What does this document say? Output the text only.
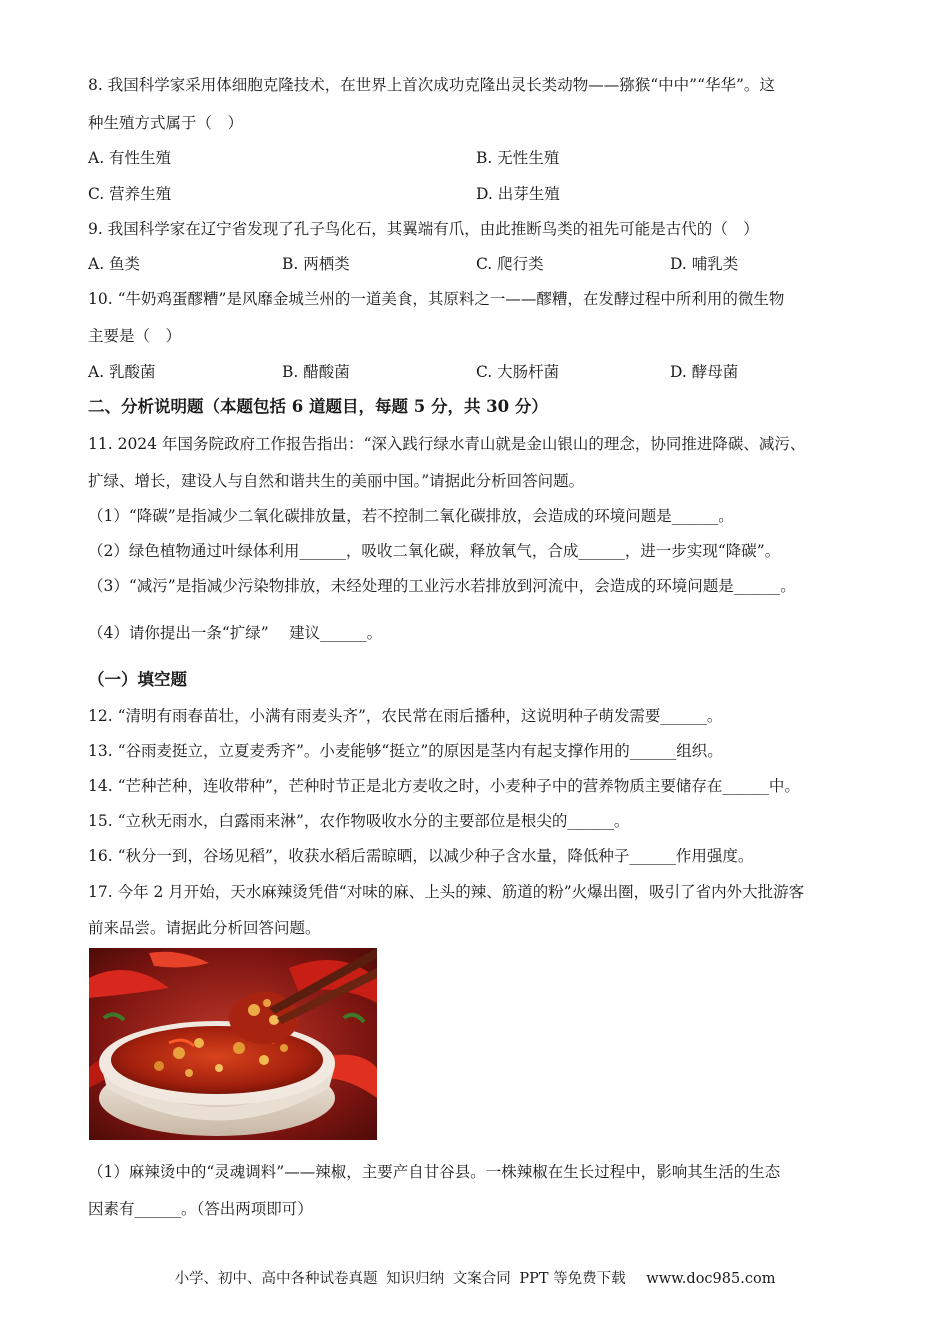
8. 我国科学家采用体细胞克隆技术，在世界上首次成功克隆出灵长类动物——猕猴“中中”“华华”。这
种生殖方式属于（　）
A. 有性生殖	B. 无性生殖
C. 营养生殖	D. 出芽生殖
9. 我国科学家在辽宁省发现了孔子鸟化石，其翼端有爪，由此推断鸟类的祖先可能是古代的（　）
A. 鱼类	B. 两栖类	C. 爬行类	D. 哺乳类
10. “牛奶鸡蛋醪糟”是风靡金城兰州的一道美食，其原料之一——醪糟，在发酵过程中所利用的微生物
主要是（　）
A. 乳酸菌	B. 醋酸菌	C. 大肠杆菌	D. 酵母菌
二、分析说明题（本题包括 6 道题目，每题 5 分，共 30 分）
11. 2024 年国务院政府工作报告指出：“深入践行绿水青山就是金山银山的理念，协同推进降碳、减污、
扩绿、增长，建设人与自然和谐共生的美丽中国。”请据此分析回答问题。
（1）“降碳”是指减少二氧化碳排放量，若不控制二氧化碳排放，会造成的环境问题是______。
（2）绿色植物通过叶绿体利用______，吸收二氧化碳，释放氧气，合成______，进一步实现“降碳”。
（3）“减污”是指减少污染物排放，未经处理的工业污水若排放到河流中，会造成的环境问题是______。
（4）请你提出一条“扩绿”　 建议______。
（一）填空题
12. “清明有雨春苗壮，小满有雨麦头齐”，农民常在雨后播种，这说明种子萌发需要______。
13. “谷雨麦挺立，立夏麦秀齐”。小麦能够“挺立”的原因是茎内有起支撑作用的______组织。
14. “芒种芒种，连收带种”，芒种时节正是北方麦收之时，小麦种子中的营养物质主要储存在______中。
15. “立秋无雨水，白露雨来淋”，农作物吸收水分的主要部位是根尖的______。
16. “秋分一到，谷场见稻”，收获水稻后需晾晒，以减少种子含水量，降低种子______作用强度。
17. 今年 2 月开始，天水麻辣烫凭借“对味的麻、上头的辣、筋道的粉”火爆出圈，吸引了省内外大批游客
前来品尝。请据此分析回答问题。
（1）麻辣烫中的“灵魂调料”——辣椒，主要产自甘谷县。一株辣椒在生长过程中，影响其生活的生态
因素有______。（答出两项即可）
小学、初中、高中各种试卷真题 知识归纳 文案合同 PPT 等免费下载 www.doc985.com
